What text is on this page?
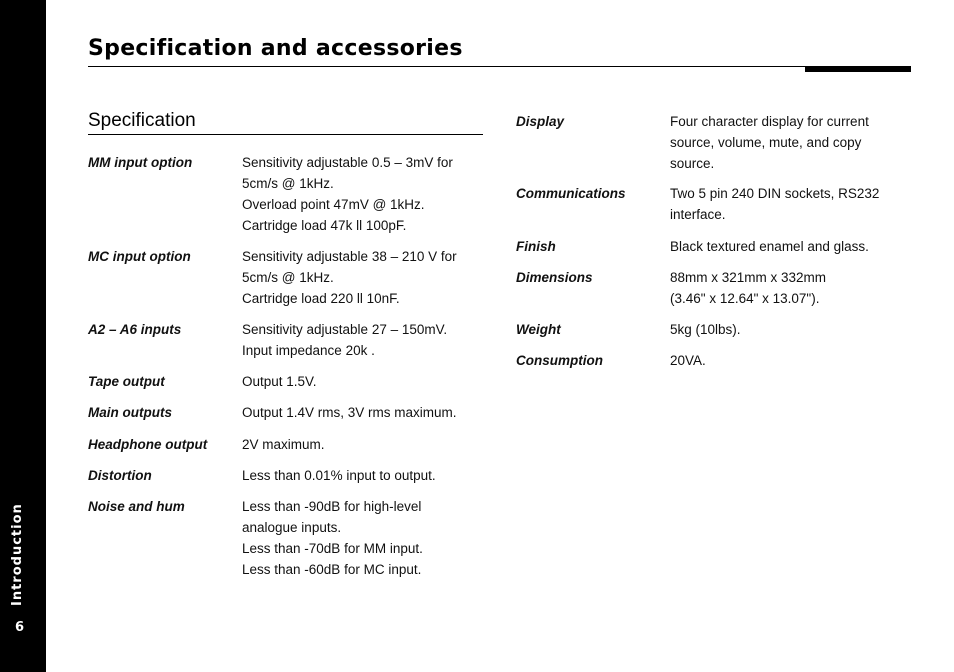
Introduction
6
Specification and accessories
Specification
MM input option	Sensitivity adjustable 0.5 – 3mV for
5cm/s @ 1kHz.
Overload point 47mV @ 1kHz.
Cartridge load 47k ll 100pF.
MC input option	Sensitivity adjustable 38 – 210 V for
5cm/s @ 1kHz.
Cartridge load 220 ll 10nF.
A2 – A6 inputs	Sensitivity adjustable 27 – 150mV.
Input impedance 20k .
Tape output	Output 1.5V.
Main outputs	Output 1.4V rms, 3V rms maximum.
Headphone output	2V maximum.
Distortion	Less than 0.01% input to output.
Noise and hum	Less than -90dB for high-level
analogue inputs.
Less than -70dB for MM input.
Less than -60dB for MC input.
Display	Four character display for current
source, volume, mute, and copy
source.
Communications	Two 5 pin 240 DIN sockets, RS232
interface.
Finish	Black textured enamel and glass.
Dimensions	88mm x 321mm x 332mm
(3.46" x 12.64" x 13.07").
Weight	5kg (10lbs).
Consumption	20VA.
